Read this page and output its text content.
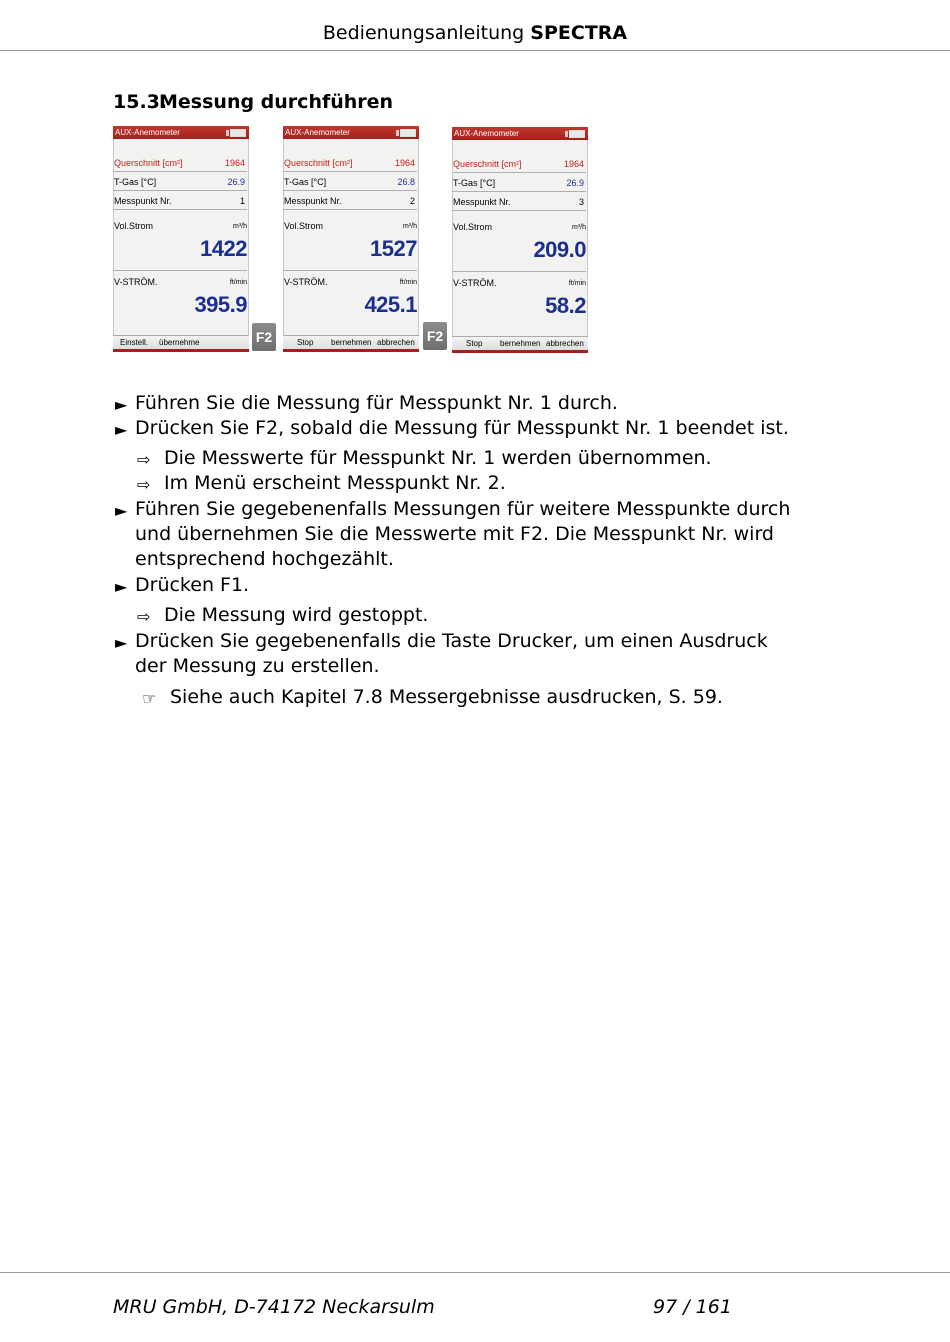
Bedienungsanleitung SPECTRA
15.3.Messung durchführen
AUX-Anemometer
Querschnitt [cm²]	1964
T-Gas [°C]	26.9
Messpunkt Nr.	1
Vol.Strom	m³/h
1422
V-STRÖM.	ft/min
395.9
Einstell. übernehme	F2
AUX-Anemometer
Querschnitt [cm²]	1964
T-Gas [°C]	26.8
Messpunkt Nr.	2
Vol.Strom	m³/h
1527
V-STRÖM.	ft/min
425.1
Stop bernehmen abbrechen F2
AUX-Anemometer
Querschnitt [cm²]	1964
T-Gas [°C]	26.9
Messpunkt Nr.	3
Vol.Strom	m³/h
209.0
V-STRÖM.	ft/min
58.2
Stop bernehmen abbrechen
► Führen Sie die Messung für Messpunkt Nr. 1 durch.
► Drücken Sie F2, sobald die Messung für Messpunkt Nr. 1 beendet ist.
⇨ Die Messwerte für Messpunkt Nr. 1 werden übernommen.
⇨ Im Menü erscheint Messpunkt Nr. 2.
► Führen Sie gegebenenfalls Messungen für weitere Messpunkte durch
und übernehmen Sie die Messwerte mit F2. Die Messpunkt Nr. wird
entsprechend hochgezählt.
► Drücken F1.
⇨ Die Messung wird gestoppt.
► Drücken Sie gegebenenfalls die Taste Drucker, um einen Ausdruck
der Messung zu erstellen.
☞ Siehe auch Kapitel 7.8 Messergebnisse ausdrucken, S. 59.
MRU GmbH, D-74172 Neckarsulm	97 / 161
